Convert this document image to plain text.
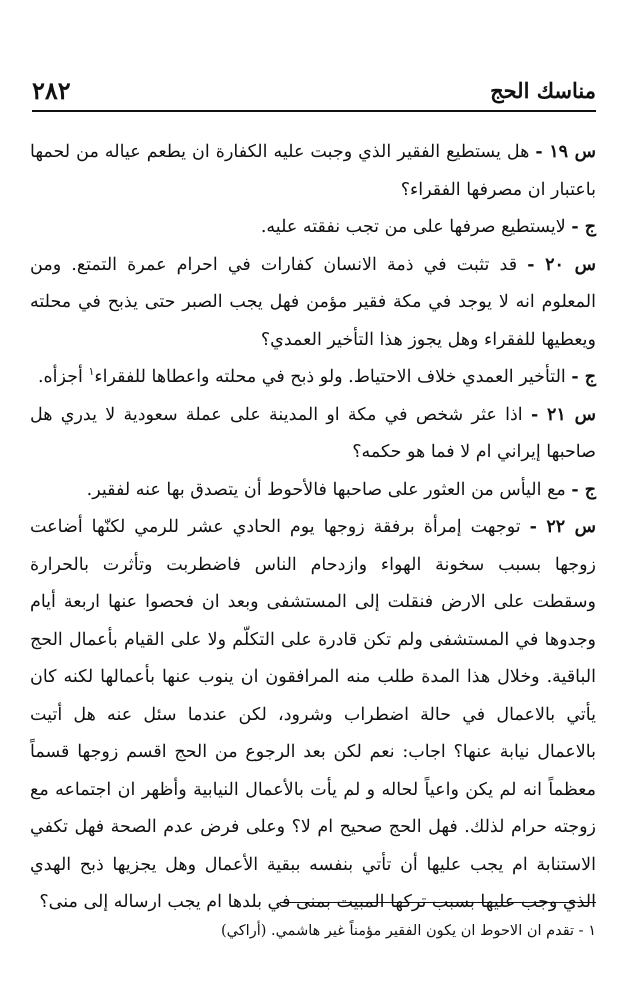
مناسك الحج
٢٨٢

س ١٩ - هل يستطيع الفقير الذي وجبت عليه الكفارة ان يطعم عياله من لحمها باعتبار ان مصرفها الفقراء؟

ج - لايستطيع صرفها على من تجب نفقته عليه.

س ٢٠ - قد تثبت في ذمة الانسان كفارات في احرام عمرة التمتع. ومن المعلوم انه لا يوجد في مكة فقير مؤمن فهل يجب الصبر حتى يذبح في محلته ويعطيها للفقراء وهل يجوز هذا التأخير العمدي؟

ج - التأخير العمدي خلاف الاحتياط. ولو ذبح في محلته واعطاها للفقراء$^١$ أجزأه.

س ٢١ - اذا عثر شخص في مكة او المدينة على عملة سعودية لا يدري هل صاحبها إيراني ام لا فما هو حكمه؟

ج - مع اليأس من العثور على صاحبها فالأحوط أن يتصدق بها عنه لفقير.

س ٢٢ - توجهت إمرأة برفقة زوجها يوم الحادي عشر للرمي لكنّها أضاعت زوجها بسبب سخونة الهواء وازدحام الناس فاضطربت وتأثرت بالحرارة وسقطت على الارض فنقلت إلى المستشفى وبعد ان فحصوا عنها اربعة أيام وجدوها في المستشفى ولم تكن قادرة على التكلّم ولا على القيام بأعمال الحج الباقية. وخلال هذا المدة طلب منه المرافقون ان ينوب عنها بأعمالها لكنه كان يأتي بالاعمال في حالة اضطراب وشرود، لكن عندما سئل عنه هل أتيت بالاعمال نيابة عنها؟ اجاب: نعم لكن بعد الرجوع من الحج اقسم زوجها قسماً معظماً انه لم يكن واعياً لحاله و لم يأت بالأعمال النيابية وأظهر ان اجتماعه مع زوجته حرام لذلك. فهل الحج صحيح ام لا؟ وعلى فرض عدم الصحة فهل تكفي الاستنابة ام يجب عليها أن تأتي بنفسه ببقية الأعمال وهل يجزيها ذبح الهدي الذي وجب عليها بسبب تركها المبيت بمنى في بلدها ام يجب ارساله إلى منى؟

١ - تقدم ان الاحوط ان يكون الفقير مؤمناً غير هاشمي. (أراكي)
